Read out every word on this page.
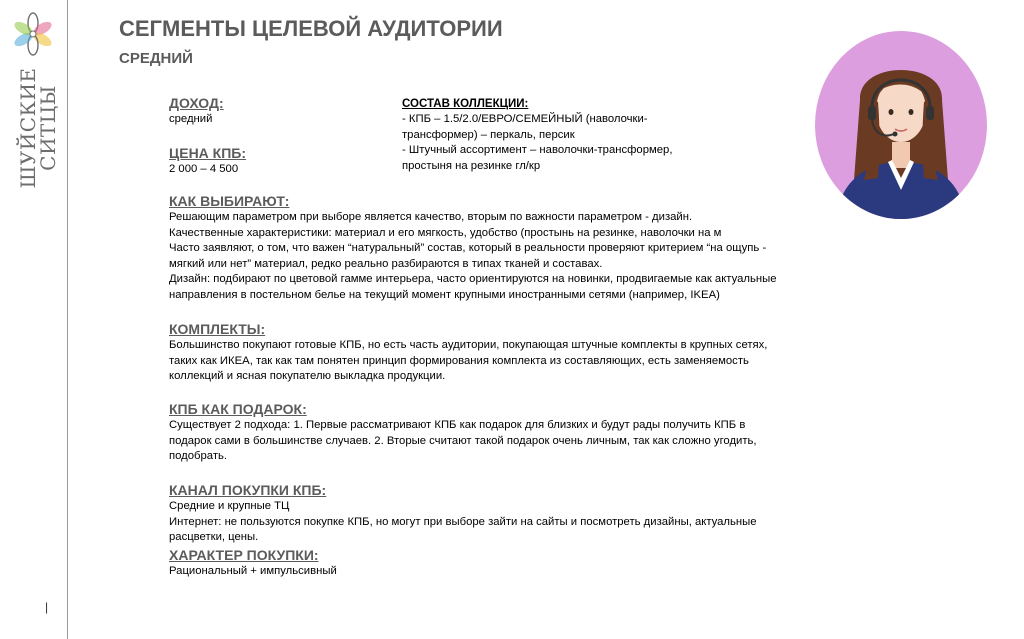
ШУЙСКИЕ
СИТЦЫ
|
СЕГМЕНТЫ ЦЕЛЕВОЙ АУДИТОРИИ
СРЕДНИЙ
ДОХОД:
средний
ЦЕНА КПБ:
2 000 – 4 500
СОСТАВ КОЛЛЕКЦИИ:
- КПБ – 1.5/2.0/ЕВРО/СЕМЕЙНЫЙ (наволочки-
трансформер) – перкаль, персик
- Штучный ассортимент – наволочки-трансформер,
простыня на резинке гл/кр
КАК ВЫБИРАЮТ:
Решающим параметром при выборе является качество, вторым по важности параметром - дизайн.
Качественные характеристики: материал и его мягкость, удобство (простынь на резинке, наволочки на м
Часто заявляют, о том, что важен “натуральный” состав, который в реальности проверяют критерием “на ощупь -
мягкий или нет” материал, редко реально разбираются в типах тканей и составах.
Дизайн: подбирают по цветовой гамме интерьера, часто ориентируются на новинки, продвигаемые как актуальные
направления в постельном белье на текущий момент крупными иностранными сетями (например, IKEA)
КОМПЛЕКТЫ:
Большинство покупают готовые КПБ, но есть часть аудитории, покупающая штучные комплекты в крупных сетях,
таких как ИКЕА, так как там понятен принцип формирования комплекта из составляющих, есть заменяемость
коллекций и ясная покупателю выкладка продукции.
КПБ КАК ПОДАРОК:
Существует 2 подхода: 1. Первые рассматривают КПБ как подарок для близких и будут рады получить КПБ в
подарок сами в большинстве случаев. 2. Вторые считают такой подарок очень личным, так как сложно угодить,
подобрать.
КАНАЛ ПОКУПКИ КПБ:
Средние и крупные ТЦ
Интернет: не пользуются покупке КПБ, но могут при выборе зайти на сайты и посмотреть дизайны, актуальные
расцветки, цены.
ХАРАКТЕР ПОКУПКИ:
Рациональный + импульсивный
